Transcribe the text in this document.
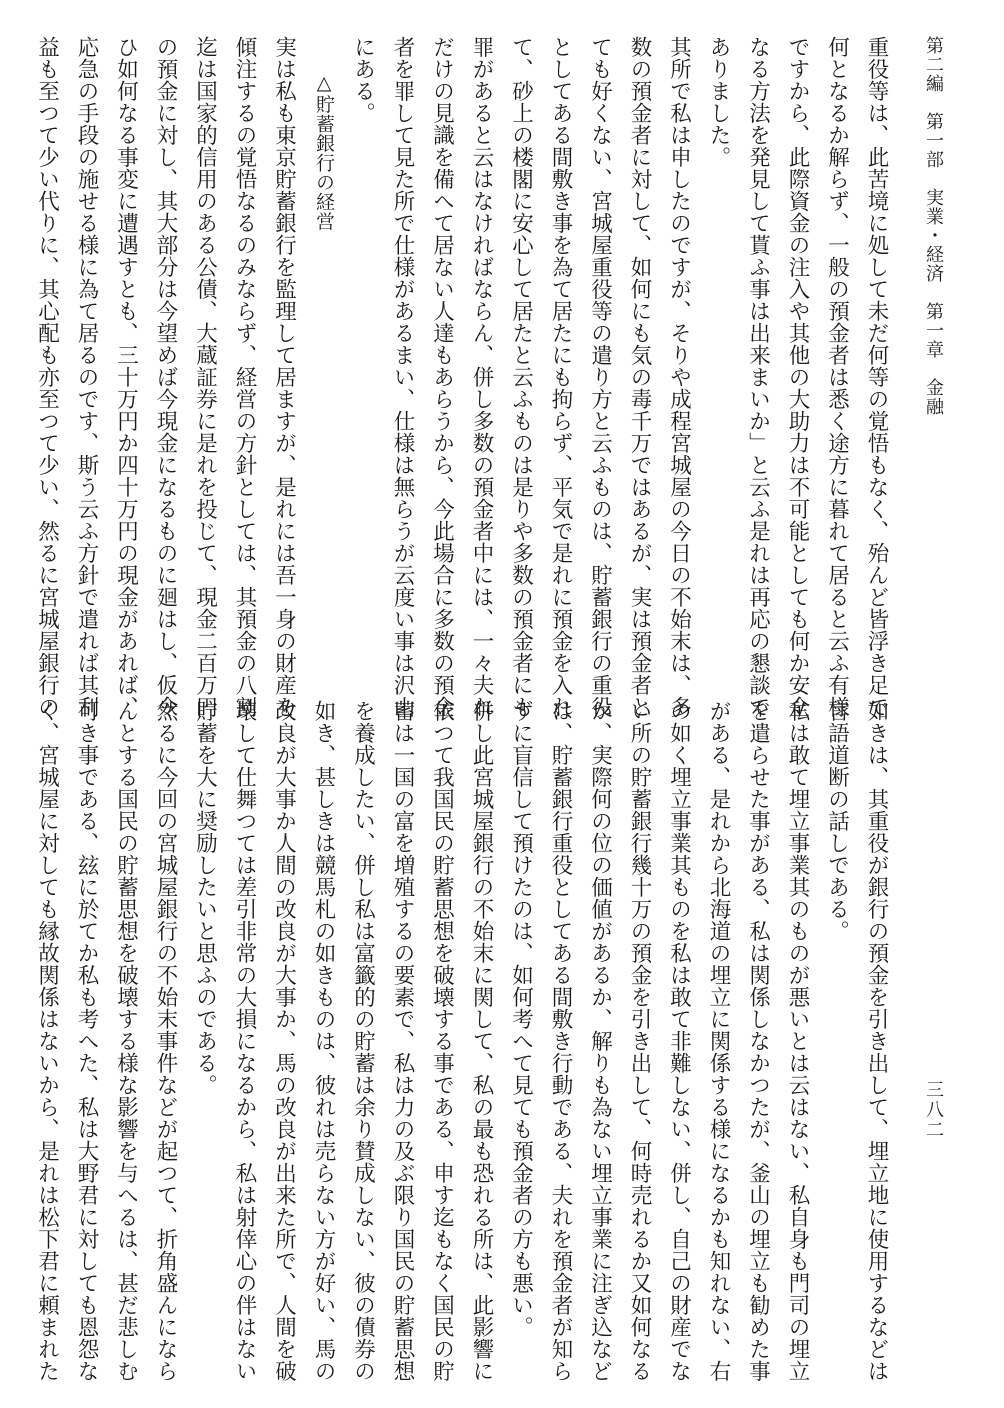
第二編　第一部　実業・経済　第一章　金融
三八二
重役等は、此苦境に処して未だ何等の覚悟もなく、殆んど皆浮き足で
何となるか解らず、一般の預金者は悉く途方に暮れて居ると云ふ有様
ですから、此際資金の注入や其他の大助力は不可能としても何か安全
なる方法を発見して貰ふ事は出来まいか」と云ふ是れは再応の懇談で
ありました。
其所で私は申したのですが、そりや成程宮城屋の今日の不始末は、多
数の預金者に対して、如何にも気の毒千万ではあるが、実は預金者と
ても好くない、宮城屋重役等の遣り方と云ふものは、貯蓄銀行の重役
としてある間敷き事を為て居たにも拘らず、平気で是れに預金を入れ
て、砂上の楼閣に安心して居たと云ふものは是りや多数の預金者にも
罪があると云はなければならん、併し多数の預金者中には、一々夫れ
だけの見識を備へて居ない人達もあらうから、今此場合に多数の預金
者を罪して見た所で仕様があるまい、仕様は無らうが云度い事は沢山
にある。
△貯蓄銀行の経営
実は私も東京貯蓄銀行を監理して居ますが、是れには吾一身の財産を
傾注するの覚悟なるのみならず、経営の方針としては、其預金の八割
迄は国家的信用のある公債、大蔵証券に是れを投じて、現金二百万円
の預金に対し、其大部分は今望めば今現金になるものに廻はし、仮令
ひ如何なる事変に遭遇すとも、三十万円か四十万円の現金があれば、
応急の手段の施せる様に為て居るのです、斯う云ふ方針で遣れば其利
益も至つて少い代りに、其心配も亦至つて少い、然るに宮城屋銀行の
如きは、其重役が銀行の預金を引き出して、埋立地に使用するなどは
言語道断の話しである。
私は敢て埋立事業其のものが悪いとは云はない、私自身も門司の埋立
を遣らせた事がある、私は関係しなかつたが、釜山の埋立も勧めた事
がある、是れから北海道の埋立に関係する様になるかも知れない、右
の如く埋立事業其ものを私は敢て非難しない、併し、自己の財産でな
い所の貯蓄銀行幾十万の預金を引き出して、何時売れるか又如何なる
か、実際何の位の価値があるか、解りも為ない埋立事業に注ぎ込など
は、貯蓄銀行重役としてある間敷き行動である、夫れを預金者が知ら
ずに盲信して預けたのは、如何考へて見ても預金者の方も悪い。
併し此宮城屋銀行の不始末に関して、私の最も恐れる所は、此影響に
依つて我国民の貯蓄思想を破壊する事である、申す迄もなく国民の貯
蓄は一国の富を増殖するの要素で、私は力の及ぶ限り国民の貯蓄思想
を養成したい、併し私は富籤的の貯蓄は余り賛成しない、彼の債券の
如き、甚しきは競馬札の如きものは、彼れは売らない方が好い、馬の
改良が大事か人間の改良が大事か、馬の改良が出来た所で、人間を破
壊して仕舞つては差引非常の大損になるから、私は射倖心の伴はない
貯蓄を大に奨励したいと思ふのである。
然るに今回の宮城屋銀行の不始末事件などが起つて、折角盛んになら
んとする国民の貯蓄思想を破壊する様な影響を与へるは、甚だ悲しむ
可き事である、玆に於てか私も考へた、私は大野君に対しても恩怨な
く、宮城屋に対しても縁故関係はないから、是れは松下君に頼まれた
